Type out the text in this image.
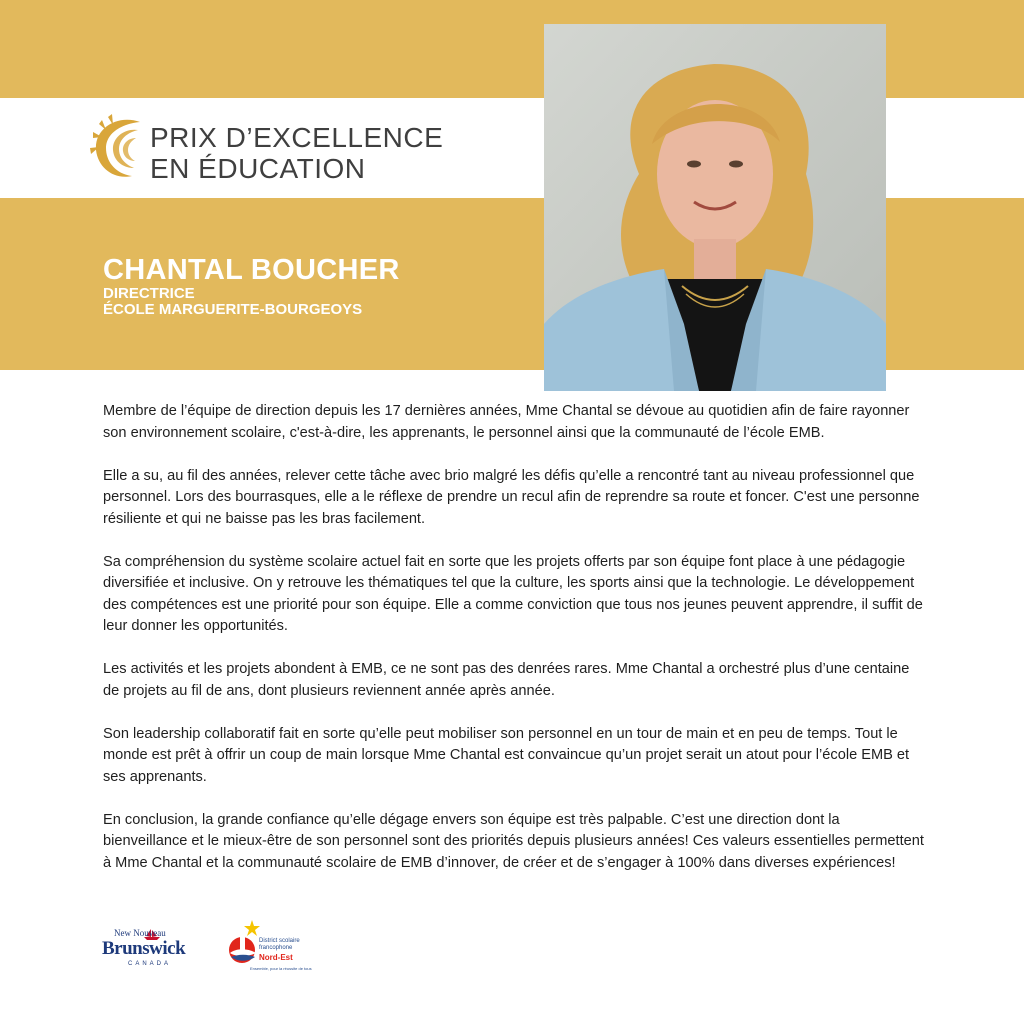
PRIX D’EXCELLENCE
EN ÉDUCATION
CHANTAL BOUCHER
DIRECTRICE
ÉCOLE MARGUERITE-BOURGEOYS

Membre de l’équipe de direction depuis les 17 dernières années, Mme Chantal se dévoue au quotidien afin de faire rayonner son environnement scolaire, c'est-à-dire, les apprenants, le personnel ainsi que la communauté de l’école EMB.

Elle a su, au fil des années, relever cette tâche avec brio malgré les défis qu’elle a rencontré tant au niveau professionnel que personnel. Lors des bourrasques, elle a le réflexe de prendre un recul afin de reprendre sa route et foncer. C'est une personne résiliente et qui ne baisse pas les bras facilement.

Sa compréhension du système scolaire actuel fait en sorte que les projets offerts par son équipe font place à une pédagogie diversifiée et inclusive. On y retrouve les thématiques tel que la culture, les sports ainsi que la technologie. Le développement des compétences est une priorité pour son équipe. Elle a comme conviction que tous nos jeunes peuvent apprendre, il suffit de leur donner les opportunités.

Les activités et les projets abondent à EMB, ce ne sont pas des denrées rares. Mme Chantal a orchestré plus d’une centaine de projets au fil de ans, dont plusieurs reviennent année après année.

Son leadership collaboratif fait en sorte qu’elle peut mobiliser son personnel en un tour de main et en peu de temps. Tout le monde est prêt à offrir un coup de main lorsque Mme Chantal est convaincue qu’un projet serait un atout pour l’école EMB et ses apprenants.

En conclusion, la grande confiance qu’elle dégage envers son équipe est très palpable. C’est une direction dont la bienveillance et le mieux-être de son personnel sont des priorités depuis plusieurs années! Ces valeurs essentielles permettent à Mme Chantal et la communauté scolaire de EMB d’innover, de créer et de s’engager à 100% dans diverses expériences!

New Nouveau
Brunswick
CANADA
District scolaire
francophone
Nord-Est
Ensemble, pour la réussite de tous
